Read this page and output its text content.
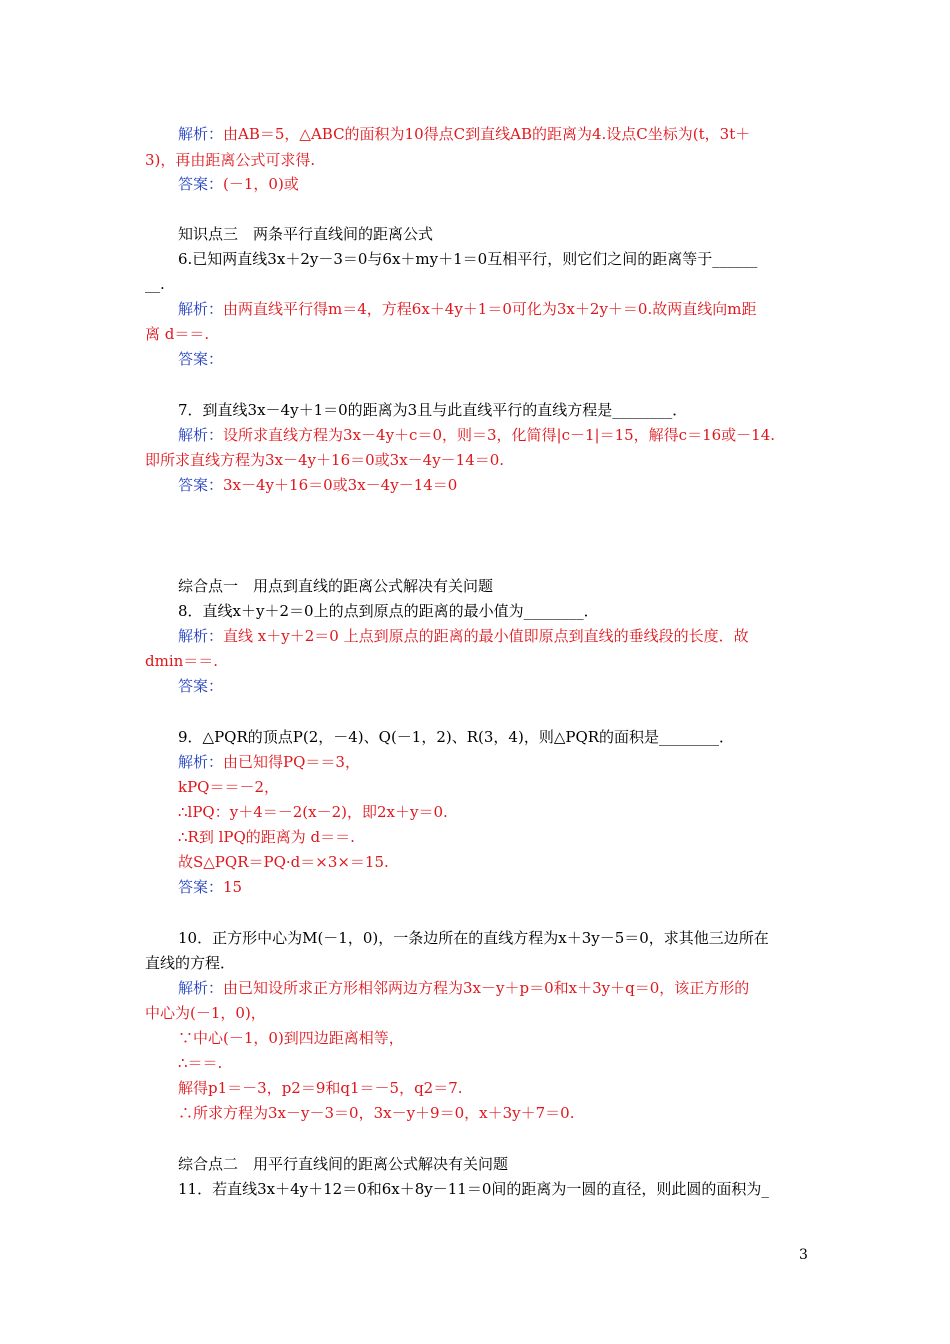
解析：由AB＝5，△ABC的面积为10得点C到直线AB的距离为4.设点C坐标为(t，3t＋
3)，再由距离公式可求得.
答案：(－1，0)或
知识点三　两条平行直线间的距离公式
6.已知两直线3x＋2y－3＝0与6x＋my＋1＝0互相平行，则它们之间的距离等于______
__.
解析：由两直线平行得m＝4，方程6x＋4y＋1＝0可化为3x＋2y＋＝0.故两直线向m距
离 d＝＝.
答案：
7．到直线3x－4y＋1＝0的距离为3且与此直线平行的直线方程是________．
解析：设所求直线方程为3x－4y＋c＝0，则＝3，化简得|c－1|＝15，解得c＝16或－14.
即所求直线方程为3x－4y＋16＝0或3x－4y－14＝0.
答案：3x－4y＋16＝0或3x－4y－14＝0
综合点一　用点到直线的距离公式解决有关问题
8．直线x＋y＋2＝0上的点到原点的距离的最小值为________．
解析：直线 x＋y＋2＝0 上点到原点的距离的最小值即原点到直线的垂线段的长度．故
dmin＝＝.
答案：
9．△PQR的顶点P(2，－4)、Q(－1，2)、R(3，4)，则△PQR的面积是________．
解析：由已知得PQ＝＝3，
kPQ＝＝－2，
∴lPQ：y＋4＝－2(x－2)，即2x＋y＝0.
∴R到 lPQ的距离为 d＝＝.
故S△PQR＝PQ·d＝×3×＝15.
答案：15
10．正方形中心为M(－1，0)，一条边所在的直线方程为x＋3y－5＝0，求其他三边所在
直线的方程．
解析：由已知设所求正方形相邻两边方程为3x－y＋p＝0和x＋3y＋q＝0，该正方形的
中心为(－1，0)，
∵中心(－1，0)到四边距离相等，
∴＝＝.
解得p1＝－3，p2＝9和q1＝－5，q2＝7.
∴所求方程为3x－y－3＝0，3x－y＋9＝0，x＋3y＋7＝0.
综合点二　用平行直线间的距离公式解决有关问题
11．若直线3x＋4y＋12＝0和6x＋8y－11＝0间的距离为一圆的直径，则此圆的面积为_
3
